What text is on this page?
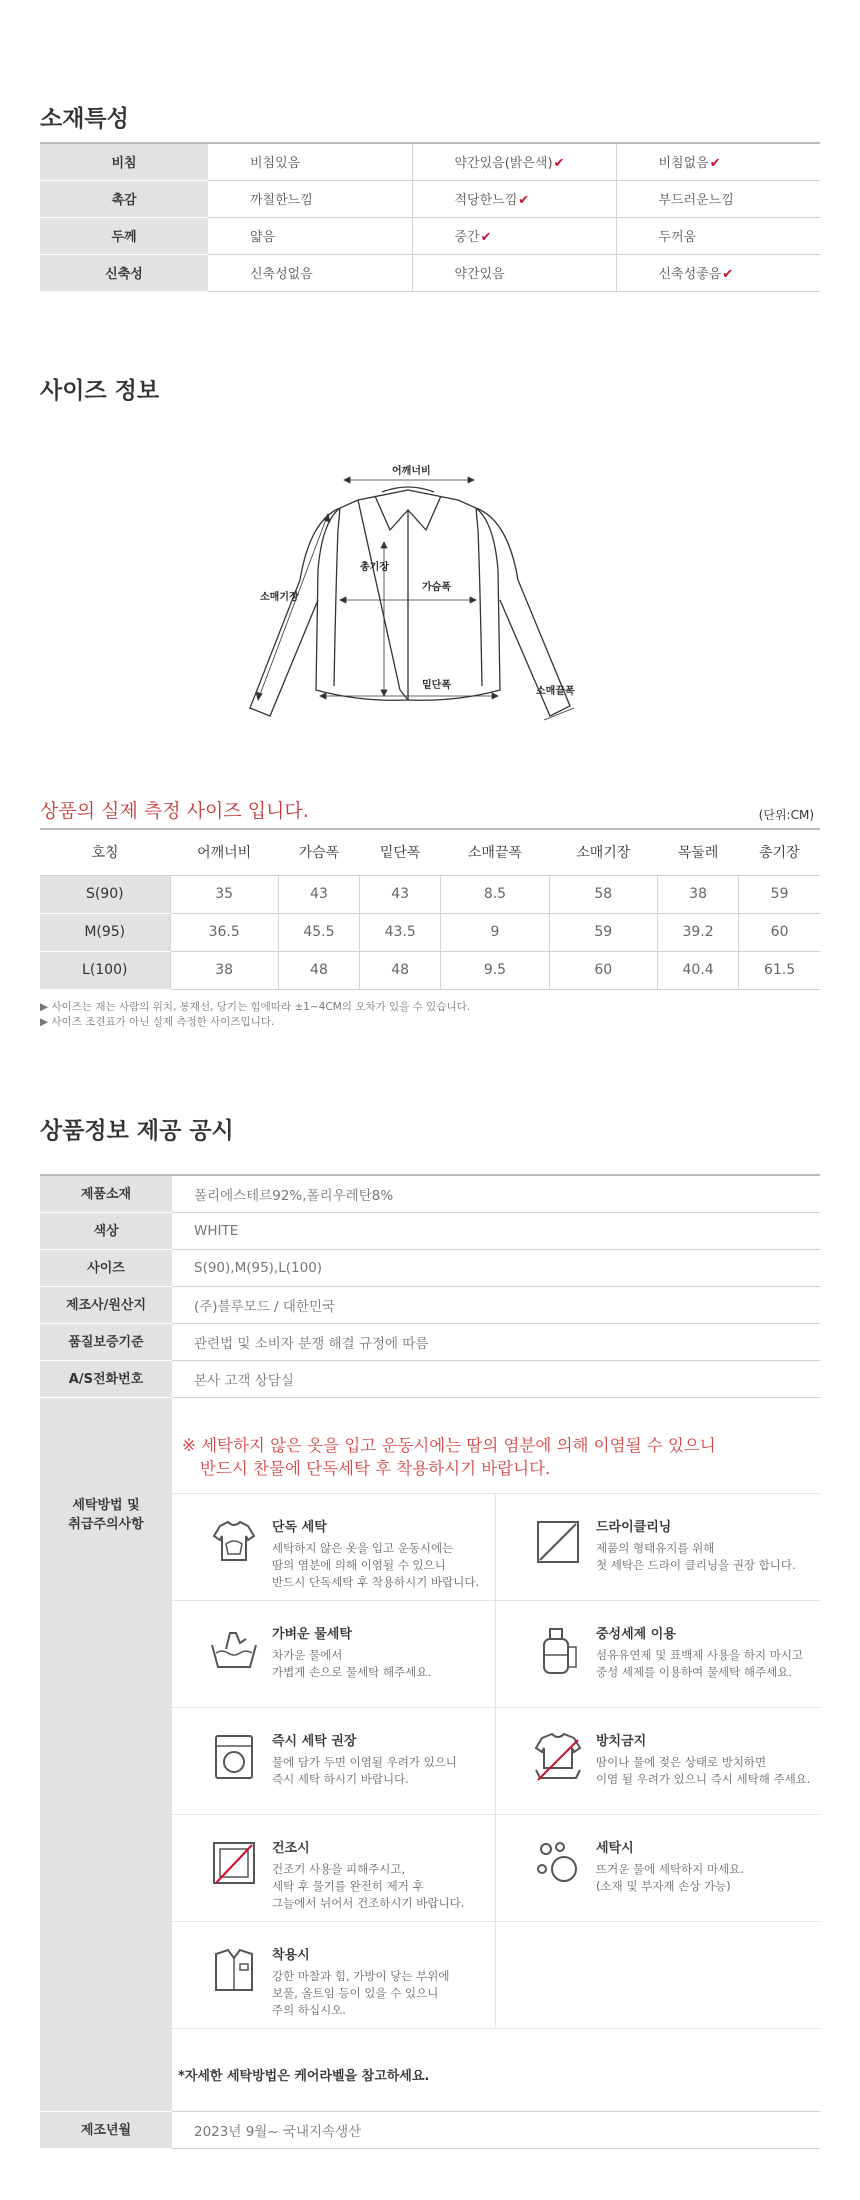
소재특성
비침	비침있음	약간있음(밝은색)✔	비침없음✔
촉감	까칠한느낌	적당한느낌✔	부드러운느낌
두께	얇음	중간✔	두꺼움
신축성	신축성없음	약간있음	신축성좋음✔
사이즈 정보
어깨너비
총기장
가슴폭
소매기장
밑단폭
소매끝폭
상품의 실제 측정 사이즈 입니다.	(단위:CM)
호칭	어깨너비	가슴폭	밑단폭	소매끝폭	소매기장	목둘레	총기장
S(90)	35	43	43	8.5	58	38	59
M(95)	36.5	45.5	43.5	9	59	39.2	60
L(100)	38	48	48	9.5	60	40.4	61.5
▶ 사이즈는 재는 사람의 위치, 봉재선, 당기는 힘에따라 ±1~4CM의 오차가 있을 수 있습니다.
▶ 사이즈 조견표가 아닌 실제 측정한 사이즈입니다.
상품정보 제공 공시
제품소재	폴리에스테르92%,폴리우레탄8%
색상	WHITE
사이즈	S(90),M(95),L(100)
제조사/원산지	(주)블루모드 / 대한민국
품질보증기준	관련법 및 소비자 분쟁 해결 규정에 따름
A/S전화번호	본사 고객 상담실
세탁방법 및
취급주의사항
※ 세탁하지 않은 옷을 입고 운동시에는 땀의 염분에 의해 이염될 수 있으니
반드시 찬물에 단독세탁 후 착용하시기 바랍니다.
단독 세탁
세탁하지 않은 옷을 입고 운동시에는
땀의 염분에 의해 이염될 수 있으니
반드시 단독세탁 후 착용하시기 바랍니다.
드라이클리닝
제품의 형태유지를 위해
첫 세탁은 드라이 클리닝을 권장 합니다.
가벼운 물세탁
차가운 물에서
가볍게 손으로 물세탁 해주세요.
중성세제 이용
섬유유연제 및 표백제 사용을 하지 마시고
중성 세제를 이용하여 물세탁 해주세요.
즉시 세탁 권장
물에 담가 두면 이염될 우려가 있으니
즉시 세탁 하시기 바랍니다.
방치금지
땀이나 물에 젖은 상태로 방치하면
이염 될 우려가 있으니 즉시 세탁해 주세요.
건조시
건조기 사용을 피해주시고,
세탁 후 물기를 완전히 제거 후
그늘에서 뉘어서 건조하시기 바랍니다.
세탁시
뜨거운 물에 세탁하지 마세요.
(소재 및 부자재 손상 가능)
착용시
강한 마찰과 힘, 가방이 닿는 부위에
보풀, 올트임 등이 있을 수 있으니
주의 하십시오.
*자세한 세탁방법은 케어라벨을 참고하세요.
제조년월	2023년 9월~ 국내지속생산
